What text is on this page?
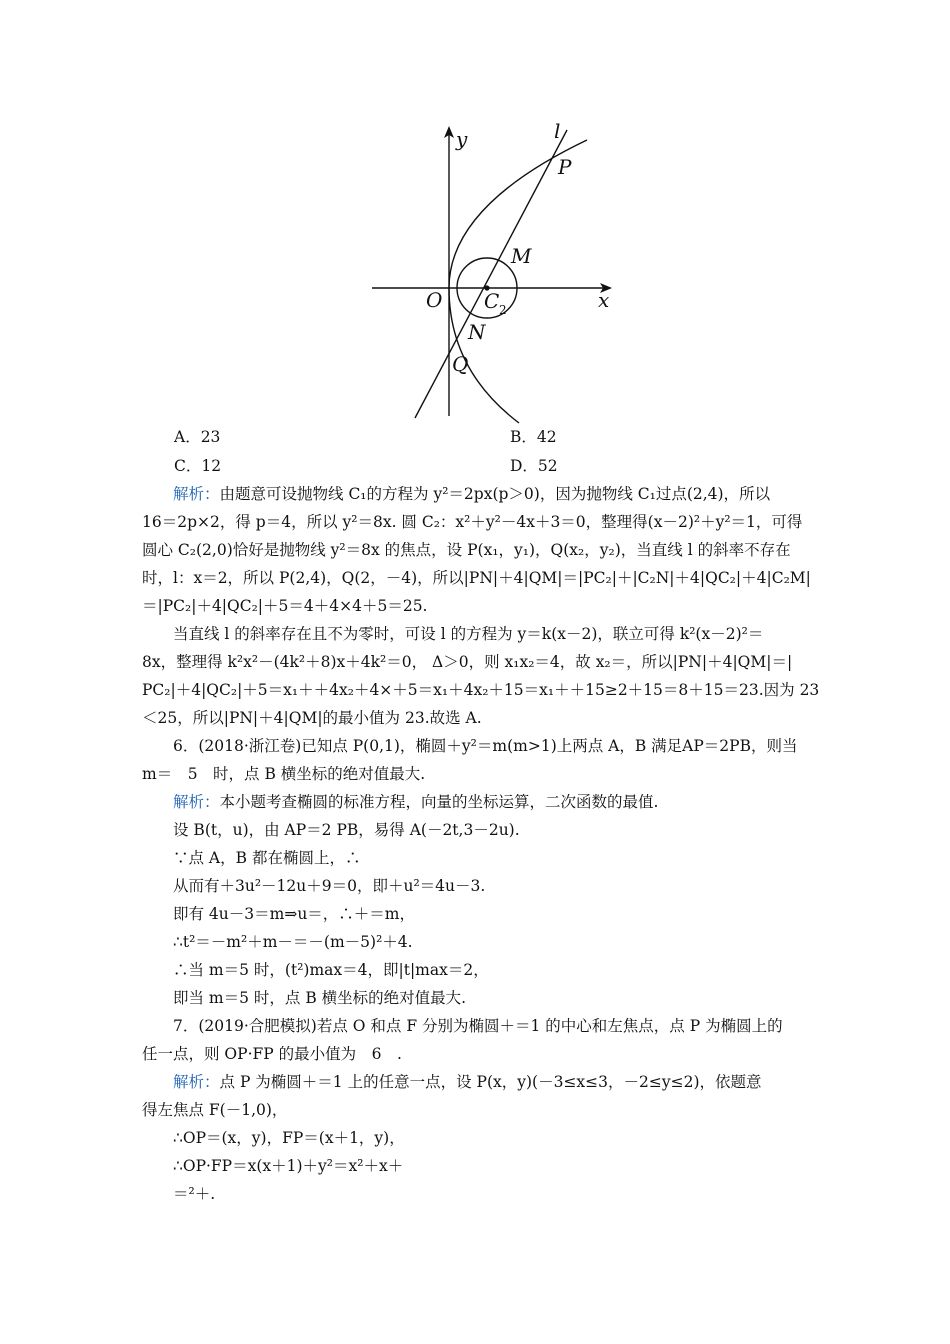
y	l
P
M
O C 2	x
N
Q
A．23	B．42
C．12	D．52
解析：由题意可设抛物线 C₁的方程为 y²＝2px(p＞0)，因为抛物线 C₁过点(2,4)，所以
16＝2p×2，得 p＝4，所以 y²＝8x. 圆 C₂：x²＋y²－4x＋3＝0，整理得(x－2)²＋y²＝1，可得
圆心 C₂(2,0)恰好是抛物线 y²＝8x 的焦点，设 P(x₁，y₁)，Q(x₂，y₂)，当直线 l 的斜率不存在
时，l：x＝2，所以 P(2,4)，Q(2，－4)，所以|PN|＋4|QM|＝|PC₂|＋|C₂N|＋4|QC₂|＋4|C₂M|
＝|PC₂|＋4|QC₂|＋5＝4＋4×4＋5＝25.
当直线 l 的斜率存在且不为零时，可设 l 的方程为 y＝k(x－2)，联立可得 k²(x－2)²＝
8x，整理得 k²x²－(4k²＋8)x＋4k²＝0， Δ＞0，则 x₁x₂＝4，故 x₂＝，所以|PN|＋4|QM|＝|
PC₂|＋4|QC₂|＋5＝x₁＋＋4x₂＋4×＋5＝x₁＋4x₂＋15＝x₁＋＋15≥2＋15＝8＋15＝23.因为 23
＜25，所以|PN|＋4|QM|的最小值为 23.故选 A.
6．(2018·浙江卷)已知点 P(0,1)，椭圆＋y²＝m(m>1)上两点 A，B 满足AP＝2PB，则当
m＝　5　时，点 B 横坐标的绝对值最大.
解析：本小题考查椭圆的标准方程，向量的坐标运算，二次函数的最值.
设 B(t，u)，由 AP＝2 PB，易得 A(－2t,3－2u).
∵点 A，B 都在椭圆上，∴
从而有＋3u²－12u＋9＝0，即＋u²＝4u－3.
即有 4u－3＝m⇒u＝，∴＋＝m，
∴t²＝－m²＋m－＝－(m－5)²＋4.
∴当 m＝5 时，(t²)max＝4，即|t|max＝2，
即当 m＝5 时，点 B 横坐标的绝对值最大.
7．(2019·合肥模拟)若点 O 和点 F 分别为椭圆＋＝1 的中心和左焦点，点 P 为椭圆上的
任一点，则 OP·FP 的最小值为　6　.
解析：点 P 为椭圆＋＝1 上的任意一点，设 P(x，y)(－3≤x≤3，－2≤y≤2)，依题意
得左焦点 F(－1,0)，
∴OP＝(x，y)，FP＝(x＋1，y)，
∴OP·FP＝x(x＋1)＋y²＝x²＋x＋
＝²＋.
